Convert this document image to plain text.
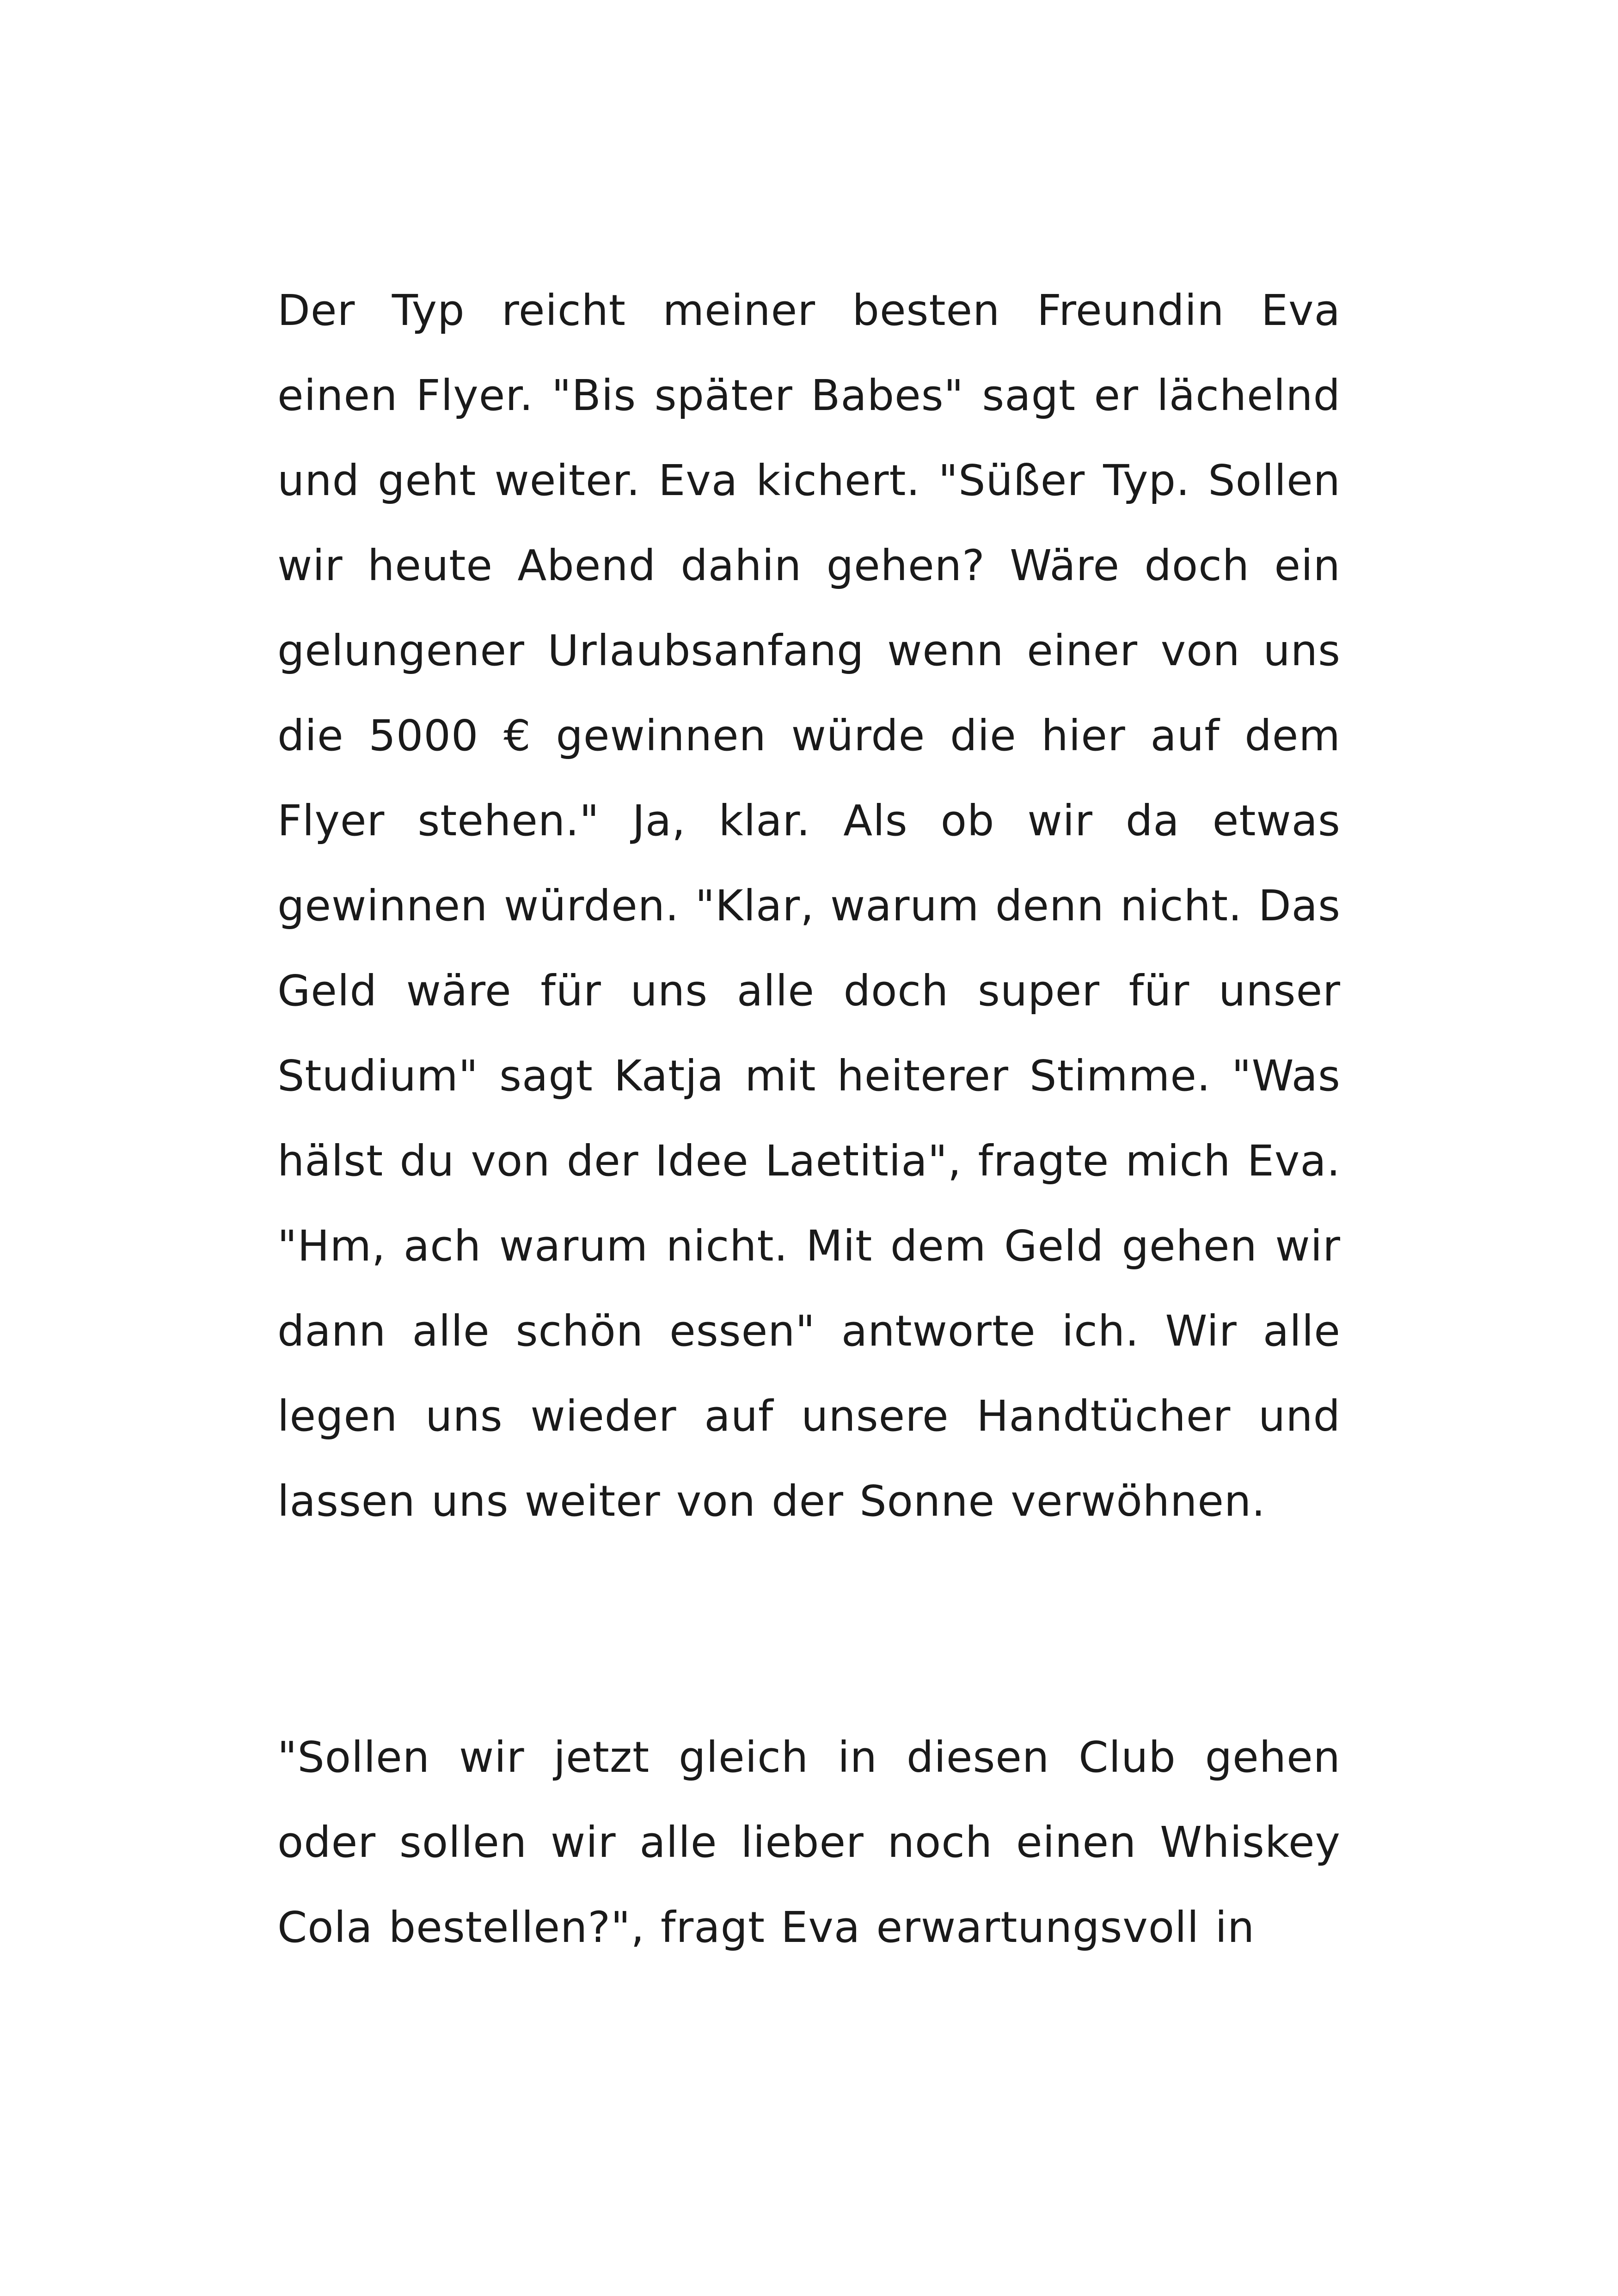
Der Typ reicht meiner besten Freundin Eva einen Flyer. "Bis später Babes" sagt er lächelnd und geht weiter. Eva kichert. "Süßer Typ. Sollen wir heute Abend dahin gehen? Wäre doch ein gelungener Urlaubsanfang wenn einer von uns die 5000 € gewinnen würde die hier auf dem Flyer stehen." Ja, klar. Als ob wir da etwas gewinnen würden. "Klar, warum denn nicht. Das Geld wäre für uns alle doch super für unser Studium" sagt Katja mit heiterer Stimme. "Was hälst du von der Idee Laetitia", fragte mich Eva. "Hm, ach warum nicht. Mit dem Geld gehen wir dann alle schön essen" antworte ich. Wir alle legen uns wieder auf unsere Handtücher und lassen uns weiter von der Sonne verwöhnen.

"Sollen wir jetzt gleich in diesen Club gehen oder sollen wir alle lieber noch einen Whiskey Cola bestellen?", fragt Eva erwartungsvoll in
